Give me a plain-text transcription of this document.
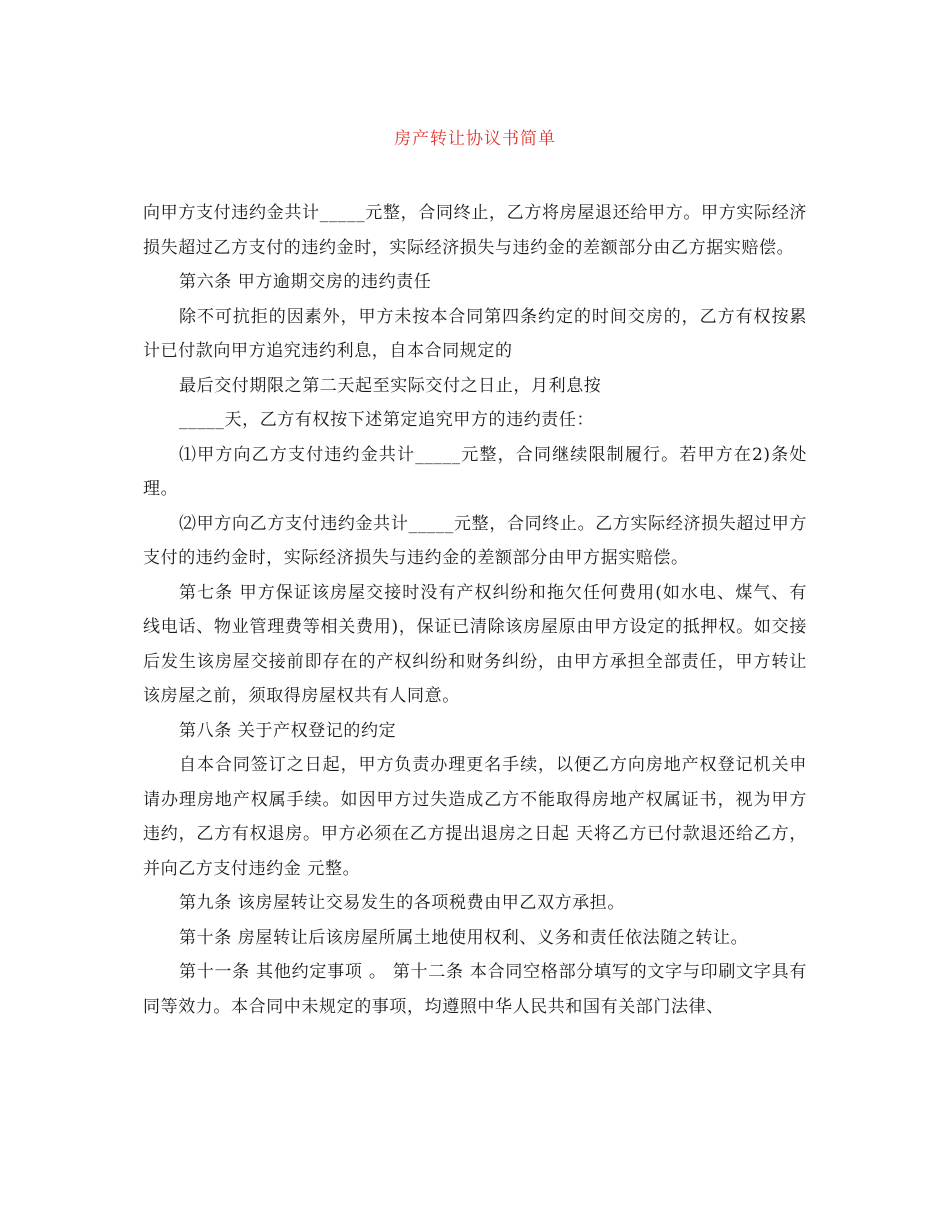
房产转让协议书简单

向甲方支付违约金共计_____元整，合同终止，乙方将房屋退还给甲方。甲方实际经济损失超过乙方支付的违约金时，实际经济损失与违约金的差额部分由乙方据实赔偿。

第六条 甲方逾期交房的违约责任

除不可抗拒的因素外，甲方未按本合同第四条约定的时间交房的，乙方有权按累计已付款向甲方追究违约利息，自本合同规定的

最后交付期限之第二天起至实际交付之日止，月利息按

_____天，乙方有权按下述第定追究甲方的违约责任：

⑴甲方向乙方支付违约金共计_____元整，合同继续限制履行。若甲方在2)条处理。

⑵甲方向乙方支付违约金共计_____元整，合同终止。乙方实际经济损失超过甲方支付的违约金时，实际经济损失与违约金的差额部分由甲方据实赔偿。

第七条 甲方保证该房屋交接时没有产权纠纷和拖欠任何费用(如水电、煤气、有线电话、物业管理费等相关费用)，保证已清除该房屋原由甲方设定的抵押权。如交接后发生该房屋交接前即存在的产权纠纷和财务纠纷，由甲方承担全部责任，甲方转让该房屋之前，须取得房屋权共有人同意。

第八条 关于产权登记的约定

自本合同签订之日起，甲方负责办理更名手续，以便乙方向房地产权登记机关申请办理房地产权属手续。如因甲方过失造成乙方不能取得房地产权属证书，视为甲方违约，乙方有权退房。甲方必须在乙方提出退房之日起 天将乙方已付款退还给乙方，并向乙方支付违约金 元整。

第九条 该房屋转让交易发生的各项税费由甲乙双方承担。

第十条 房屋转让后该房屋所属土地使用权利、义务和责任依法随之转让。

第十一条 其他约定事项 。 第十二条 本合同空格部分填写的文字与印刷文字具有同等效力。本合同中未规定的事项，均遵照中华人民共和国有关部门法律、
